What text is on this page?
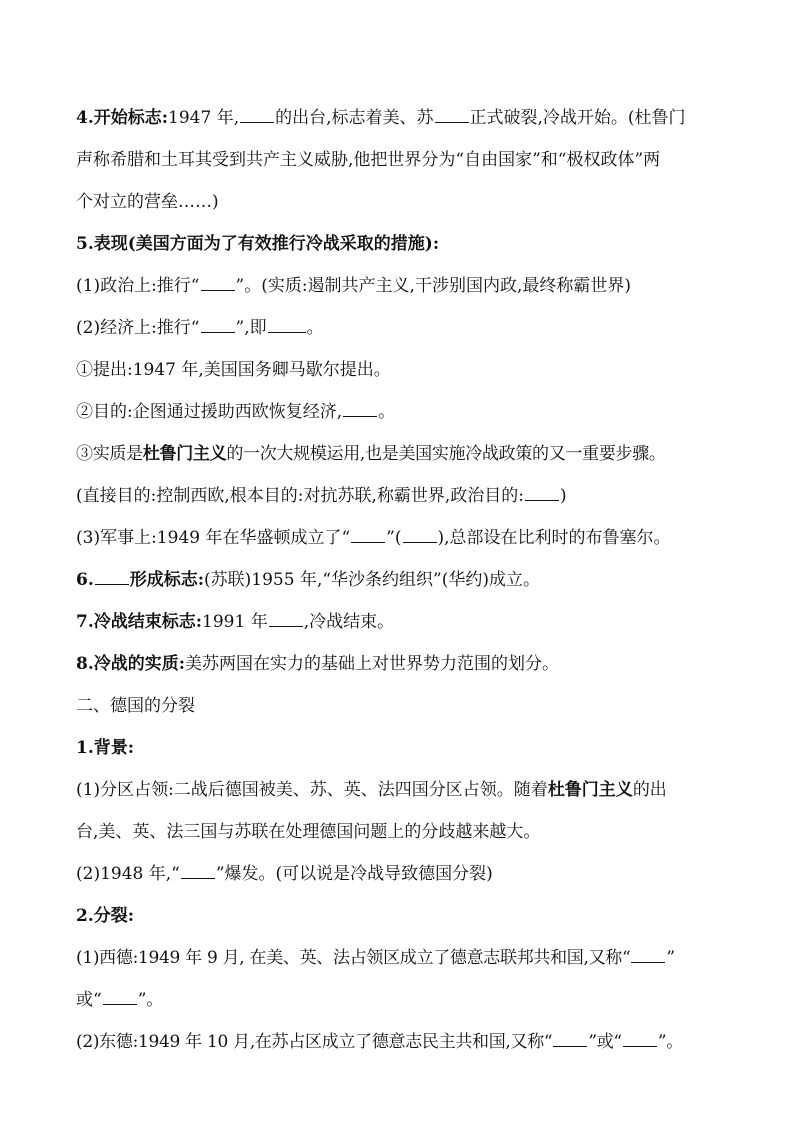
4.开始标志:1947 年, 的出台,标志着美、苏 正式破裂,冷战开始。(杜鲁门
声称希腊和土耳其受到共产主义威胁,他把世界分为“自由国家”和“极权政体”两
个对立的营垒……)
5.表现(美国方面为了有效推行冷战采取的措施):
(1)政治上:推行“ ”。(实质:遏制共产主义,干涉别国内政,最终称霸世界)
(2)经济上:推行“ ”,即 。
①提出:1947 年,美国国务卿马歇尔提出。
②目的:企图通过援助西欧恢复经济, 。
③实质是杜鲁门主义的一次大规模运用,也是美国实施冷战政策的又一重要步骤。
(直接目的:控制西欧,根本目的:对抗苏联,称霸世界,政治目的: )
(3)军事上:1949 年在华盛顿成立了“ ”( ),总部设在比利时的布鲁塞尔。
6. 形成标志:(苏联)1955 年,“华沙条约组织”(华约)成立。
7.冷战结束标志:1991 年 ,冷战结束。
8.冷战的实质:美苏两国在实力的基础上对世界势力范围的划分。
二、德国的分裂
1.背景:
(1)分区占领:二战后德国被美、苏、英、法四国分区占领。随着杜鲁门主义的出
台,美、英、法三国与苏联在处理德国问题上的分歧越来越大。
(2)1948 年,“ ”爆发。(可以说是冷战导致德国分裂)
2.分裂:
(1)西德:1949 年 9 月, 在美、英、法占领区成立了德意志联邦共和国,又称“ ”
或“ ”。
(2)东德:1949 年 10 月,在苏占区成立了德意志民主共和国,又称“ ”或“ ”。
